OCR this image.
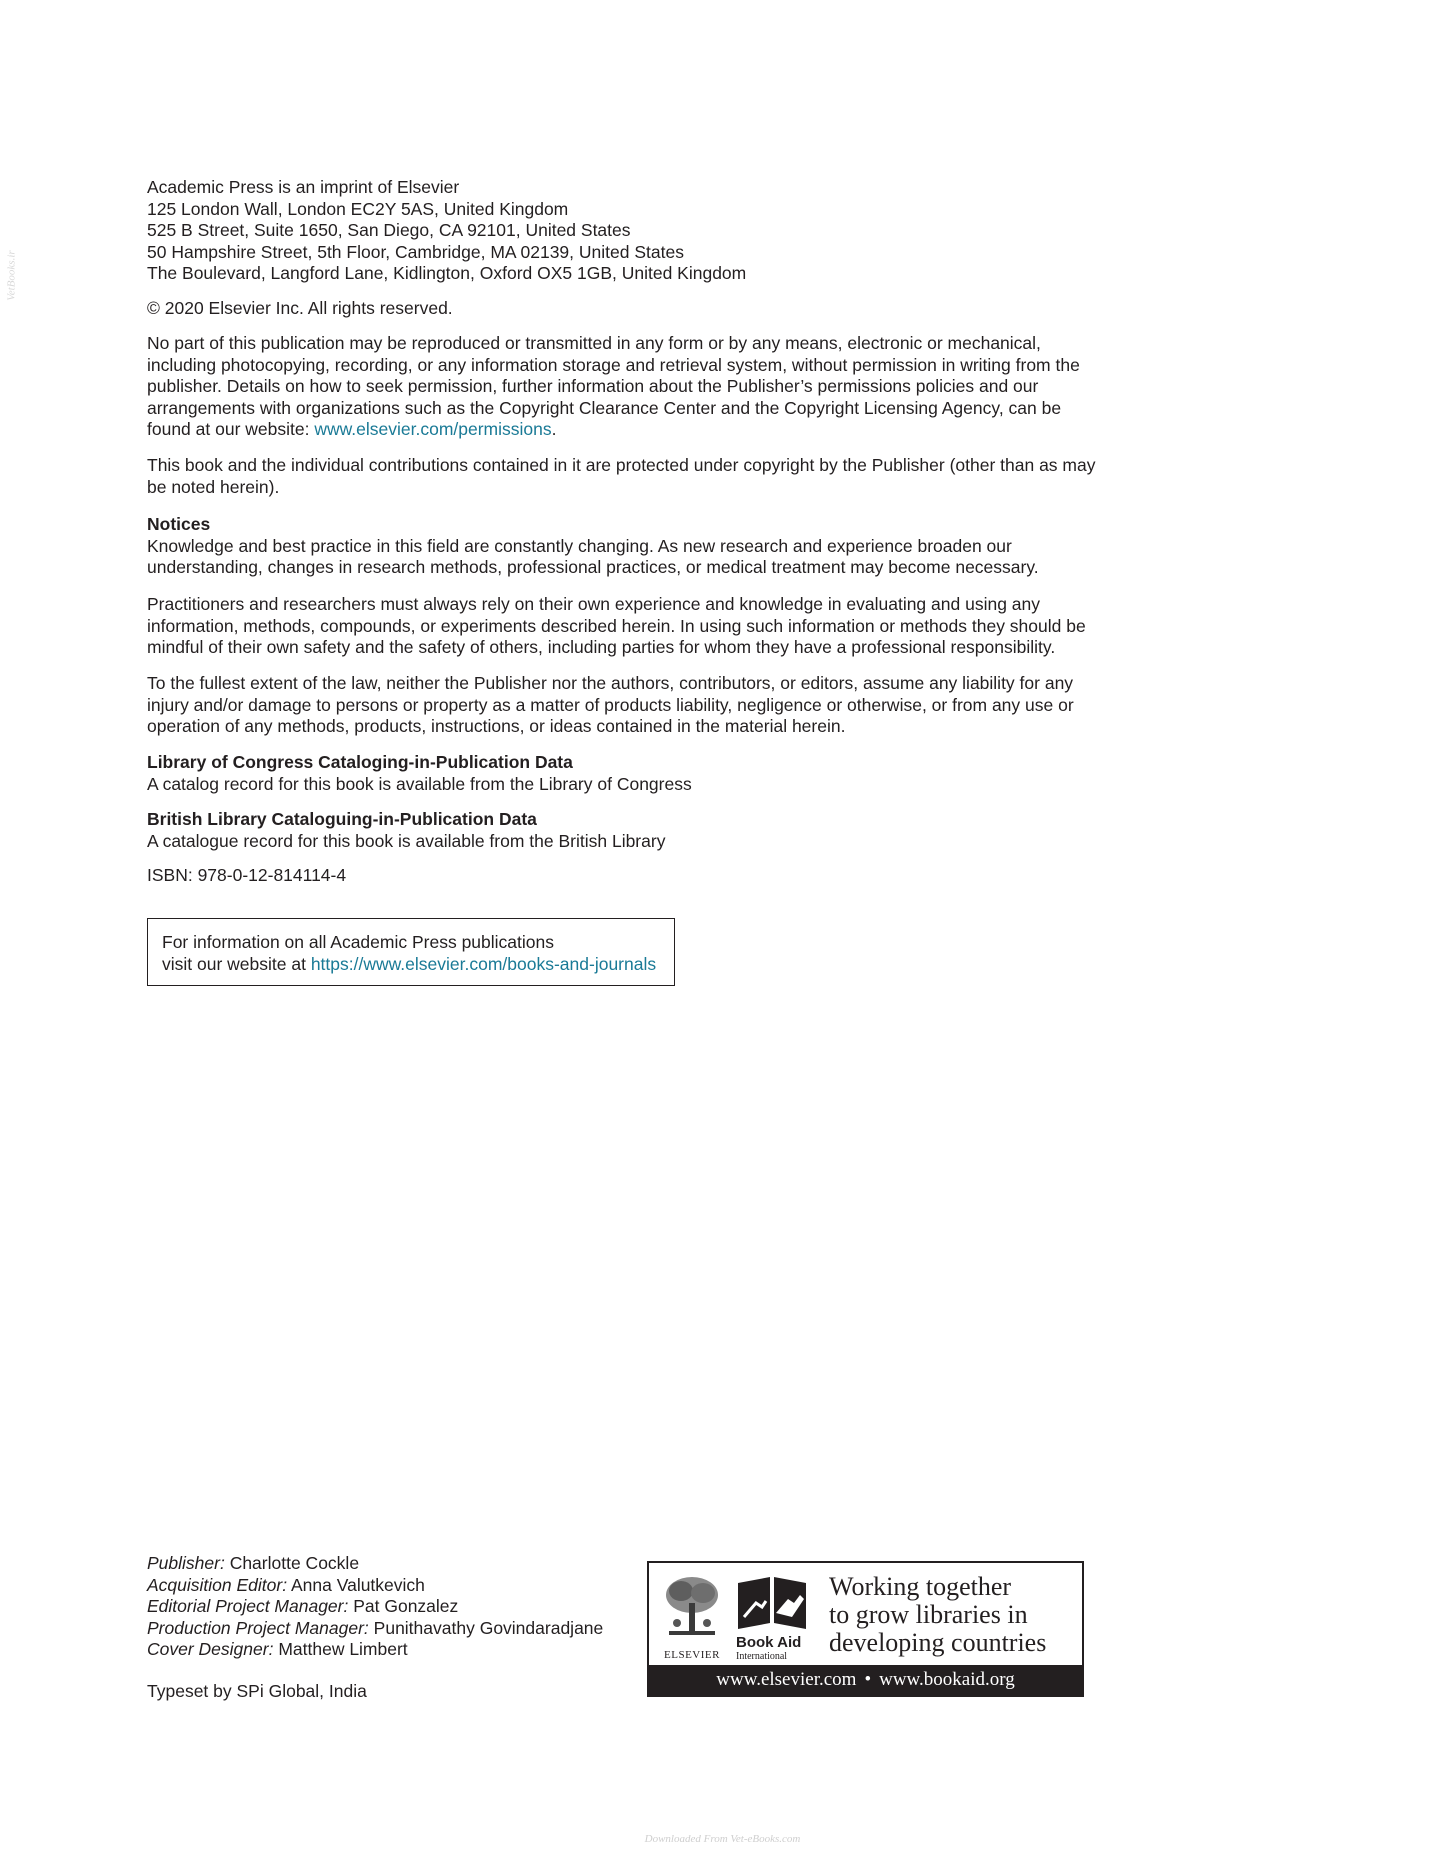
VetBooks.ir

Academic Press is an imprint of Elsevier

125 London Wall, London EC2Y 5AS, United Kingdom

525 B Street, Suite 1650, San Diego, CA 92101, United States

50 Hampshire Street, 5th Floor, Cambridge, MA 02139, United States

The Boulevard, Langford Lane, Kidlington, Oxford OX5 1GB, United Kingdom

© 2020 Elsevier Inc. All rights reserved.

No part of this publication may be reproduced or transmitted in any form or by any means, electronic or mechanical, including photocopying, recording, or any information storage and retrieval system, without permission in writing from the publisher. Details on how to seek permission, further information about the Publisher’s permissions policies and our arrangements with organizations such as the Copyright Clearance Center and the Copyright Licensing Agency, can be found at our website: www.elsevier.com/permissions.

This book and the individual contributions contained in it are protected under copyright by the Publisher (other than as may be noted herein).

Notices

Knowledge and best practice in this field are constantly changing. As new research and experience broaden our understanding, changes in research methods, professional practices, or medical treatment may become necessary.

Practitioners and researchers must always rely on their own experience and knowledge in evaluating and using any information, methods, compounds, or experiments described herein. In using such information or methods they should be mindful of their own safety and the safety of others, including parties for whom they have a professional responsibility.

To the fullest extent of the law, neither the Publisher nor the authors, contributors, or editors, assume any liability for any injury and/or damage to persons or property as a matter of products liability, negligence or otherwise, or from any use or operation of any methods, products, instructions, or ideas contained in the material herein.

Library of Congress Cataloging-in-Publication Data

A catalog record for this book is available from the Library of Congress

British Library Cataloguing-in-Publication Data

A catalogue record for this book is available from the British Library

ISBN: 978-0-12-814114-4

For information on all Academic Press publications

visit our website at https://www.elsevier.com/books-and-journals

Publisher: Charlotte Cockle

Acquisition Editor: Anna Valutkevich

Editorial Project Manager: Pat Gonzalez

Production Project Manager: Punithavathy Govindaradjane

Cover Designer: Matthew Limbert

Typeset by SPi Global, India
ELSEVIER
Book Aid
International

Working together

to grow libraries in

developing countries

www.elsevier.com • www.bookaid.org
Downloaded From Vet-eBooks.com
